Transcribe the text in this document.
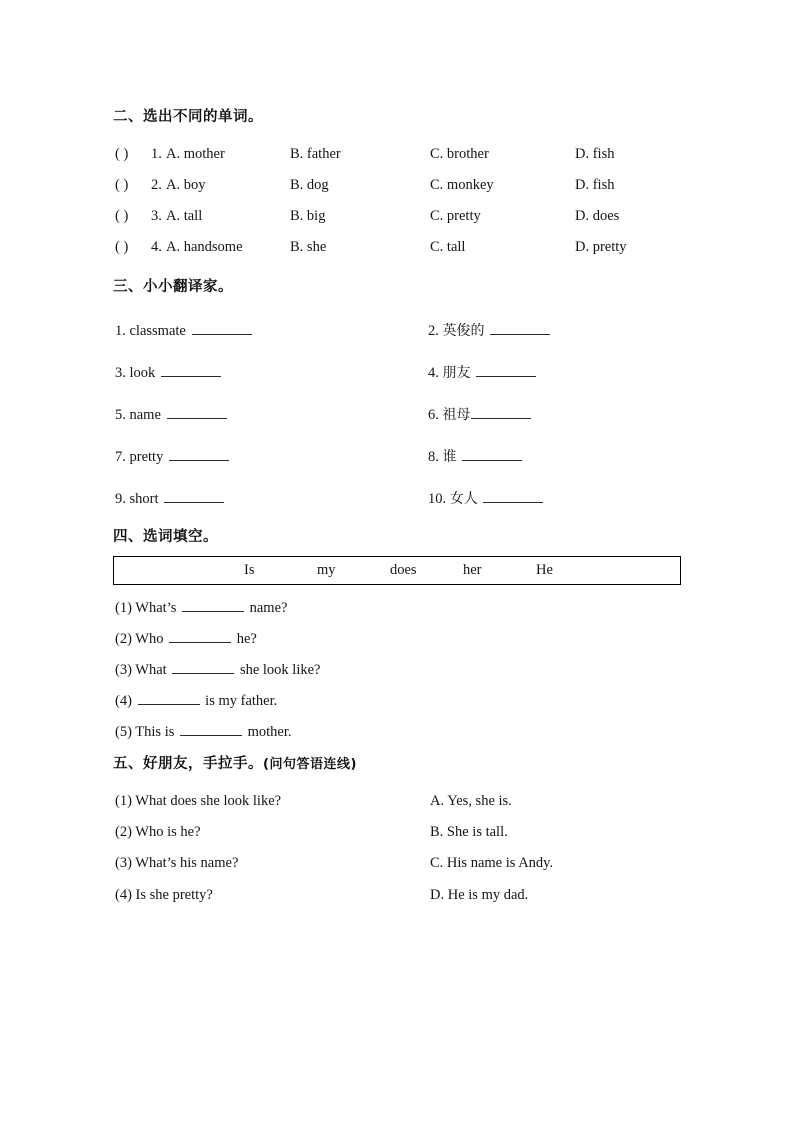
二、选出不同的单词。
( ) 1. A. mother	B. father	C. brother	D. fish
( ) 2. A. boy	B. dog	C. monkey	D. fish
( ) 3. A. tall	B. big	C. pretty	D. does
( ) 4. A. handsome	B. she	C. tall	D. pretty
三、小小翻译家。
1. classmate	2. 英俊的
3. look	4. 朋友
5. name	6. 祖母
7. pretty	8. 谁
9. short	10. 女人
四、选词填空。
Is	my	does	her	He
(1) What’s	name?
(2) Who	he?
(3) What	she look like?
(4)	is my father.
(5) This is	mother.
五、好朋友，手拉手。(问句答语连线)
(1) What does she look like?	A. Yes, she is.
(2) Who is he?	B. She is tall.
(3) What’s his name?	C. His name is Andy.
(4) Is she pretty?	D. He is my dad.
